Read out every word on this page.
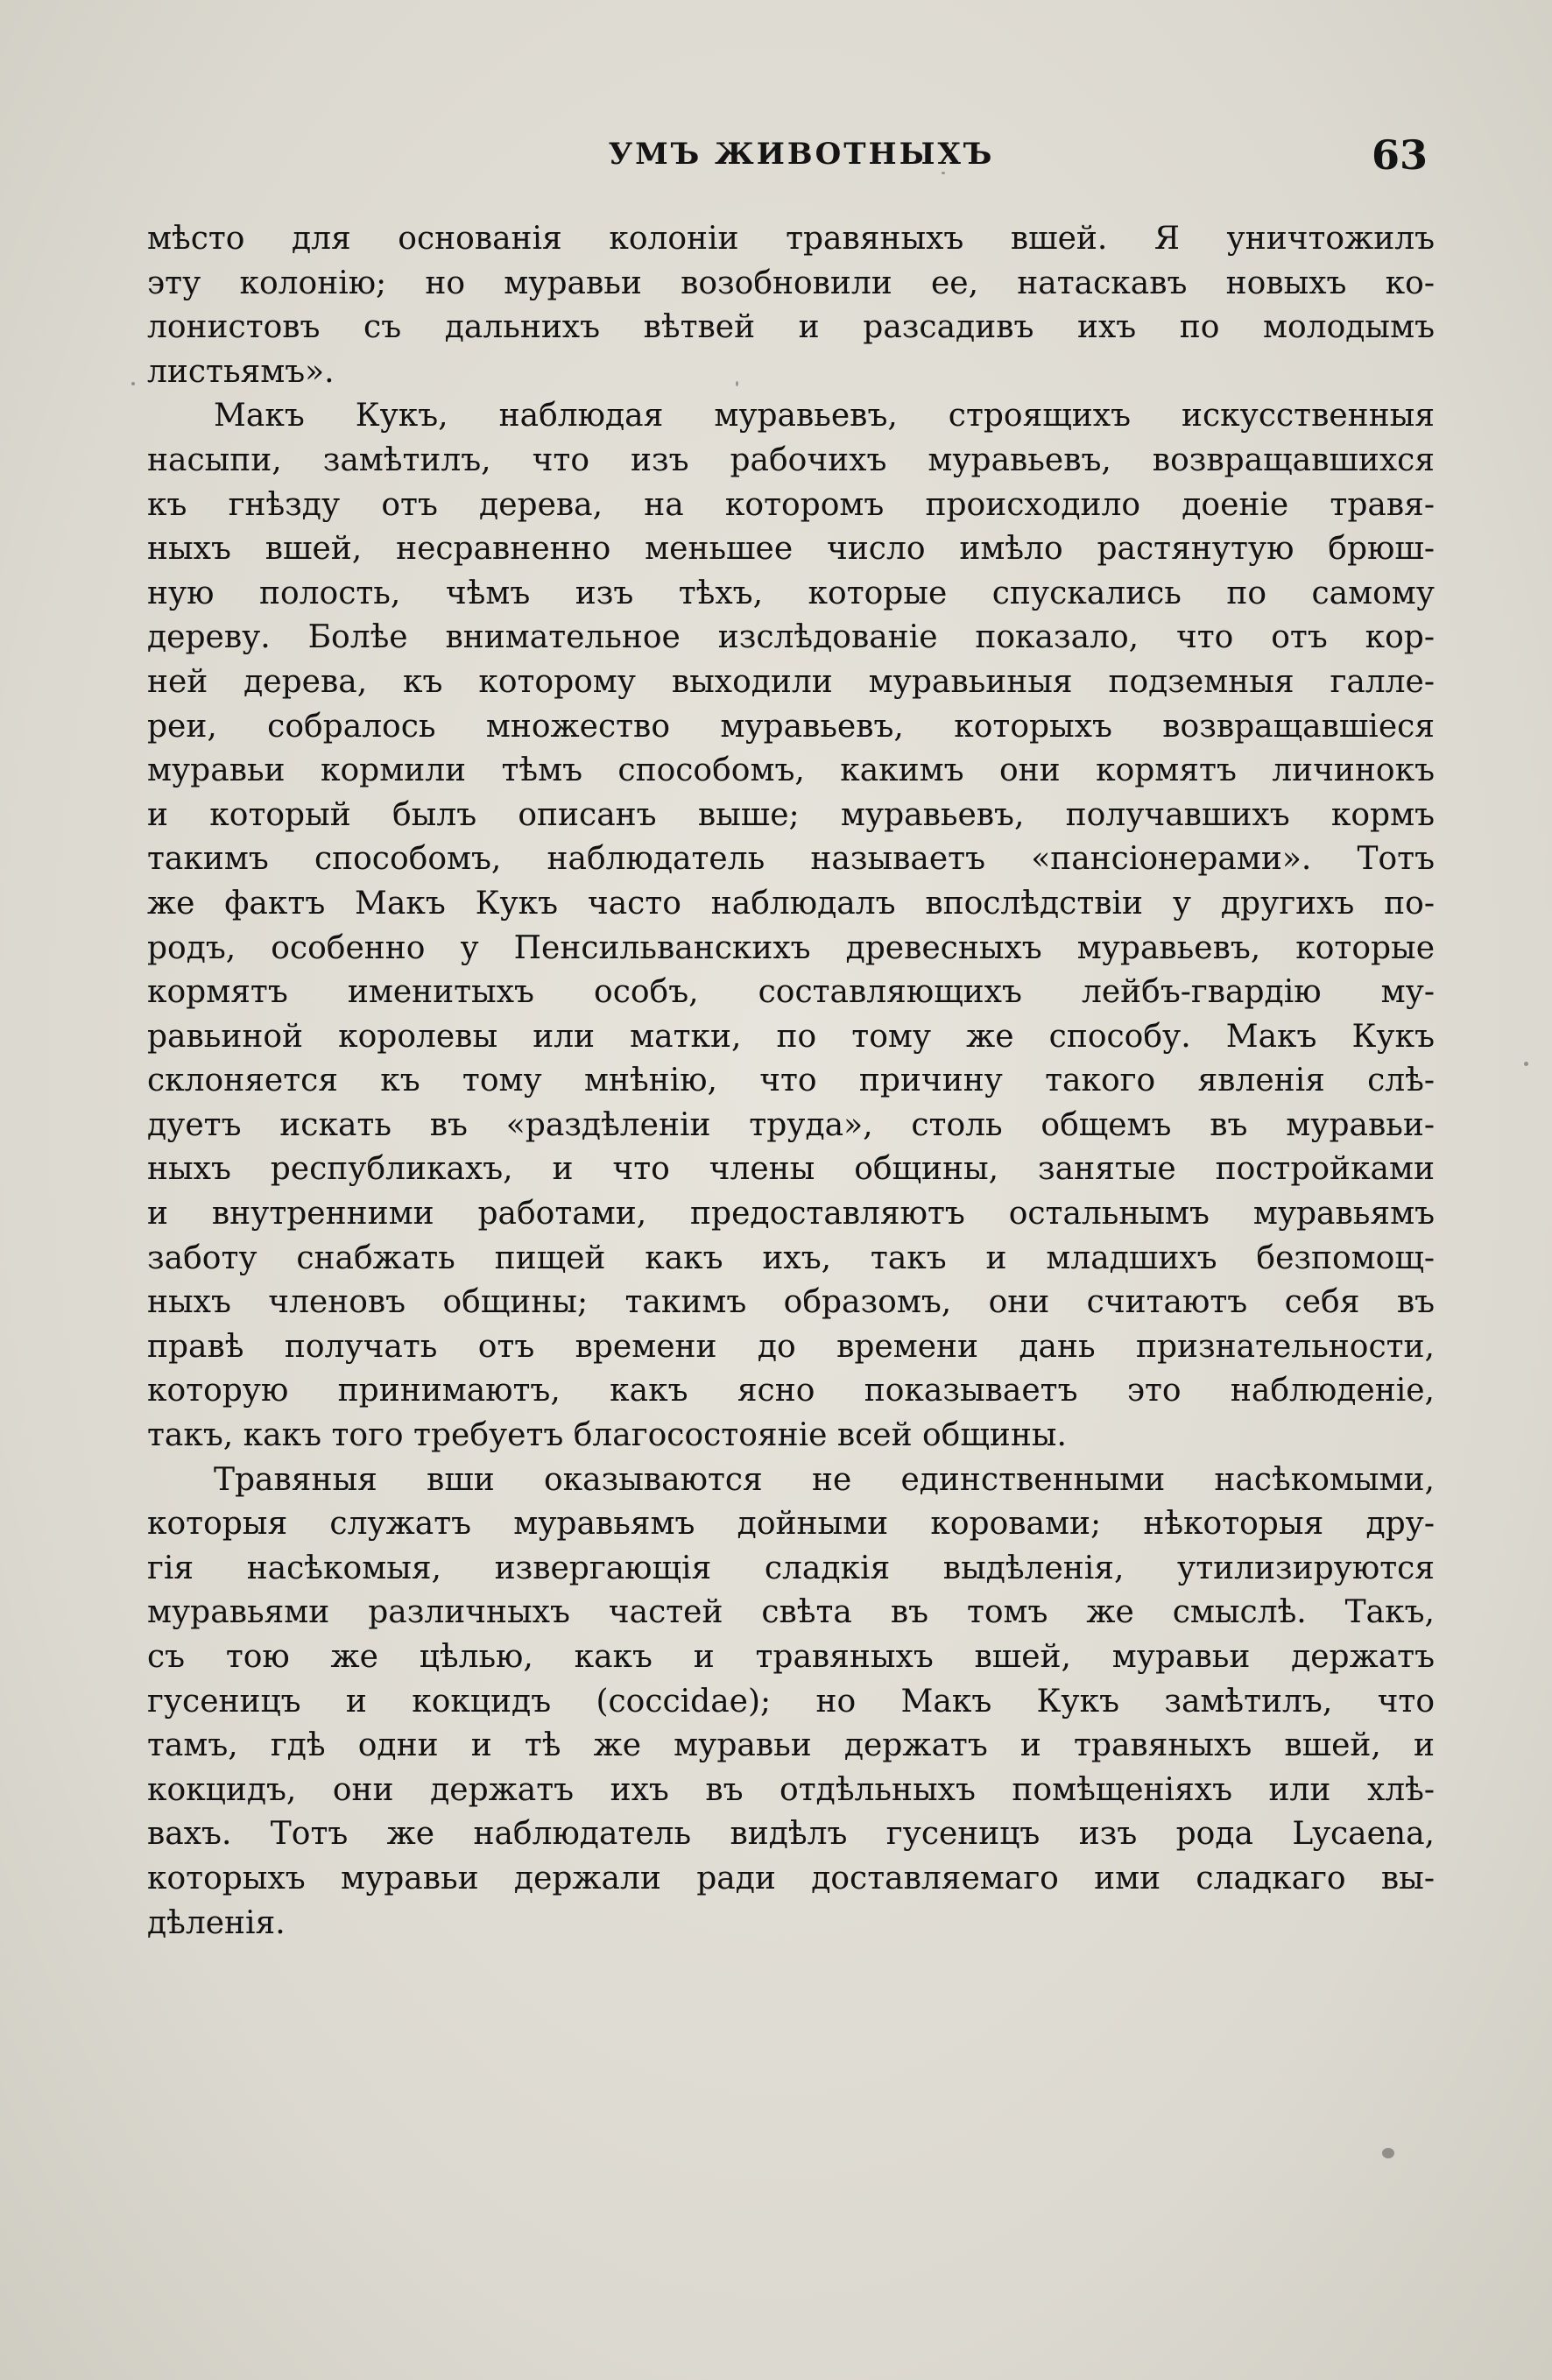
УМЪ ЖИВОТНЫХЪ	63

мѣсто для основанія колоніи травяныхъ вшей. Я уничтожилъ
эту колонію; но муравьи возобновили ее, натаскавъ новыхъ ко-
лонистовъ съ дальнихъ вѣтвей и разсадивъ ихъ по молодымъ
листьямъ».

Макъ Кукъ, наблюдая муравьевъ, строящихъ искусственныя
насыпи, замѣтилъ, что изъ рабочихъ муравьевъ, возвращавшихся
къ гнѣзду отъ дерева, на которомъ происходило доеніе травя-
ныхъ вшей, несравненно меньшее число имѣло растянутую брюш-
ную полость, чѣмъ изъ тѣхъ, которые спускались по самому
дереву. Болѣе внимательное изслѣдованіе показало, что отъ кор-
ней дерева, къ которому выходили муравьиныя подземныя галле-
реи, собралось множество муравьевъ, которыхъ возвращавшіеся
муравьи кормили тѣмъ способомъ, какимъ они кормятъ личинокъ
и который былъ описанъ выше; муравьевъ, получавшихъ кормъ
такимъ способомъ, наблюдатель называетъ «пансіонерами». Тотъ
же фактъ Макъ Кукъ часто наблюдалъ впослѣдствіи у другихъ по-
родъ, особенно у Пенсильванскихъ древесныхъ муравьевъ, которые
кормятъ именитыхъ особъ, составляющихъ лейбъ-гвардію му-
равьиной королевы или матки, по тому же способу. Макъ Кукъ
склоняется къ тому мнѣнію, что причину такого явленія слѣ-
дуетъ искать въ «раздѣленіи труда», столь общемъ въ муравьи-
ныхъ республикахъ, и что члены общины, занятые постройками
и внутренними работами, предоставляютъ остальнымъ муравьямъ
заботу снабжать пищей какъ ихъ, такъ и младшихъ безпомощ-
ныхъ членовъ общины; такимъ образомъ, они считаютъ себя въ
правѣ получать отъ времени до времени дань признательности,
которую принимаютъ, какъ ясно показываетъ это наблюденіе,
такъ, какъ того требуетъ благосостояніе всей общины.

Травяныя вши оказываются не единственными насѣкомыми,
которыя служатъ муравьямъ дойными коровами; нѣкоторыя дру-
гія насѣкомыя, извергающія сладкія выдѣленія, утилизируются
муравьями различныхъ частей свѣта въ томъ же смыслѣ. Такъ,
съ тою же цѣлью, какъ и травяныхъ вшей, муравьи держатъ
гусеницъ и кокцидъ (coccidae); но Макъ Кукъ замѣтилъ, что
тамъ, гдѣ одни и тѣ же муравьи держатъ и травяныхъ вшей, и
кокцидъ, они держатъ ихъ въ отдѣльныхъ помѣщеніяхъ или хлѣ-
вахъ. Тотъ же наблюдатель видѣлъ гусеницъ изъ рода Lycaena,
которыхъ муравьи держали ради доставляемаго ими сладкаго вы-
дѣленія.
